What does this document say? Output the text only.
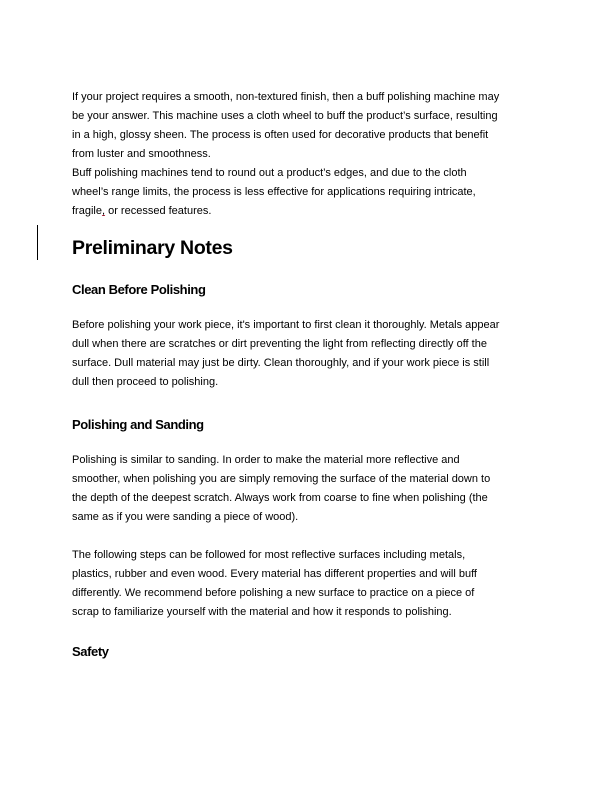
If your project requires a smooth, non-textured finish, then a buff polishing machine may
be your answer. This machine uses a cloth wheel to buff the product’s surface, resulting
in a high, glossy sheen. The process is often used for decorative products that benefit
from luster and smoothness.
Buff polishing machines tend to round out a product’s edges, and due to the cloth
wheel’s range limits, the process is less effective for applications requiring intricate,
fragile, or recessed features.
Preliminary Notes
Clean Before Polishing
Before polishing your work piece, it's important to first clean it thoroughly. Metals appear
dull when there are scratches or dirt preventing the light from reflecting directly off the
surface. Dull material may just be dirty. Clean thoroughly, and if your work piece is still
dull then proceed to polishing.
Polishing and Sanding
Polishing is similar to sanding. In order to make the material more reflective and
smoother, when polishing you are simply removing the surface of the material down to
the depth of the deepest scratch. Always work from coarse to fine when polishing (the
same as if you were sanding a piece of wood).
The following steps can be followed for most reflective surfaces including metals,
plastics, rubber and even wood. Every material has different properties and will buff
differently. We recommend before polishing a new surface to practice on a piece of
scrap to familiarize yourself with the material and how it responds to polishing.
Safety
